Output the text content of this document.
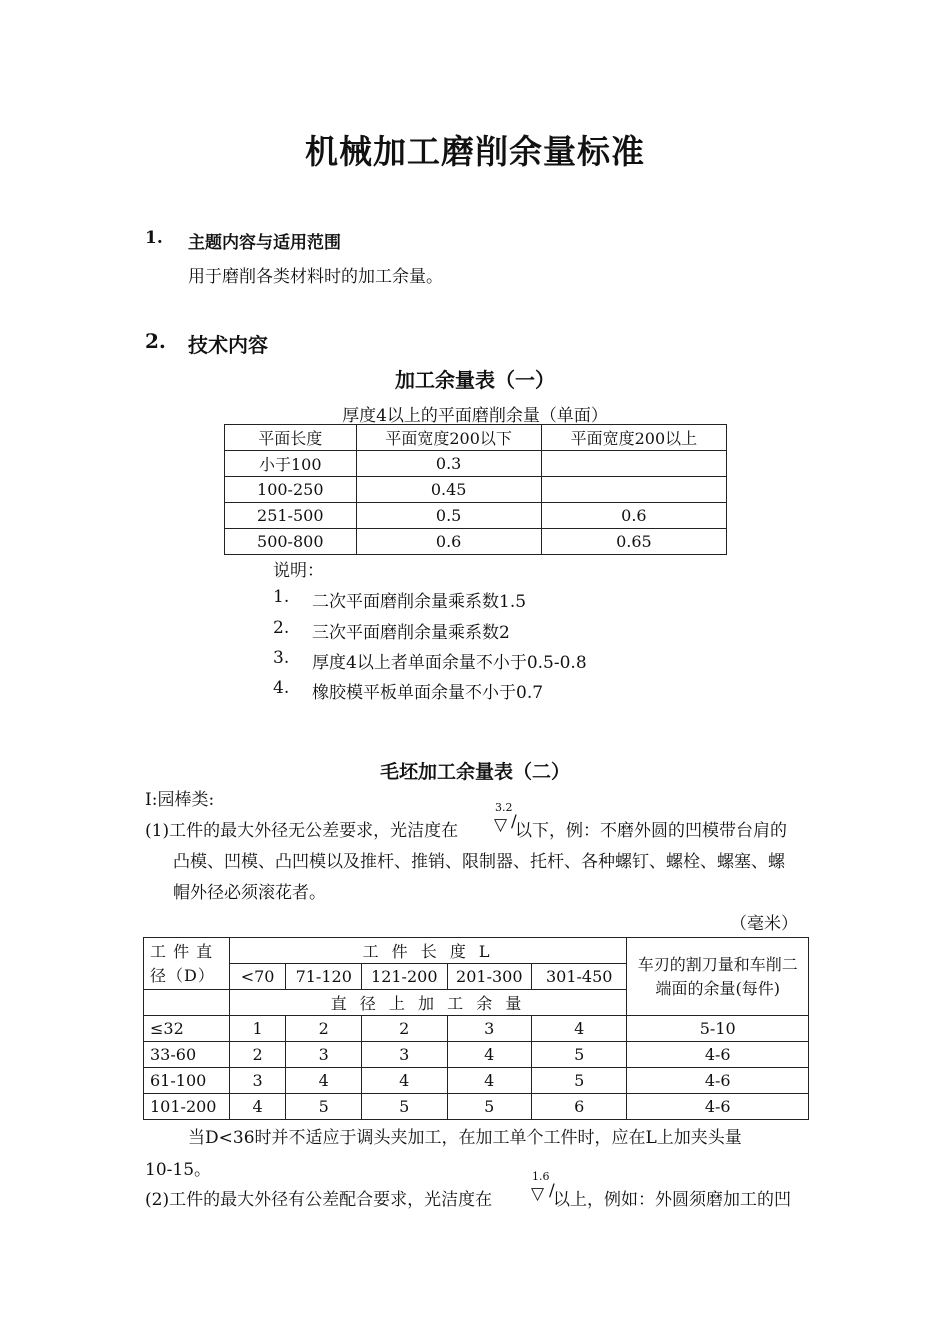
机械加工磨削余量标准
1. 主题内容与适用范围
用于磨削各类材料时的加工余量。
2. 技术内容
加工余量表（一）
厚度4以上的平面磨削余量（单面）
平面长度	平面宽度200以下	平面宽度200以上
小于100	0.3	
100-250	0.45	
251-500	0.5	0.6
500-800	0.6	0.65
说明：
1. 二次平面磨削余量乘系数1.5
2. 三次平面磨削余量乘系数2
3. 厚度4以上者单面余量不小于0.5-0.8
4. 橡胶模平板单面余量不小于0.7
毛坯加工余量表（二）
I:园棒类:
(1)工件的最大外径无公差要求，光洁度在
3.2
▽ /
以下，例：不磨外圆的凹模带台肩的
凸模、凹模、凸凹模以及推杆、推销、限制器、托杆、各种螺钉、螺栓、螺塞、螺
帽外径必须滚花者。
（毫米）
工 件 直 径（D）	工 件 长 度 L					车刃的割刀量和车削二端面的余量(每件)
	<70	71-120	121-200	201-300	301-450	
	直 径 上 加 工 余 量					
≤32	1	2	2	3	4	5-10
33-60	2	3	3	4	5	4-6
61-100	3	4	4	4	5	4-6
101-200	4	5	5	5	6	4-6
当D<36时并不适应于调头夹加工，在加工单个工件时，应在L上加夹头量
10-15。
(2)工件的最大外径有公差配合要求，光洁度在
1.6
▽ /
以上，例如：外圆须磨加工的凹
